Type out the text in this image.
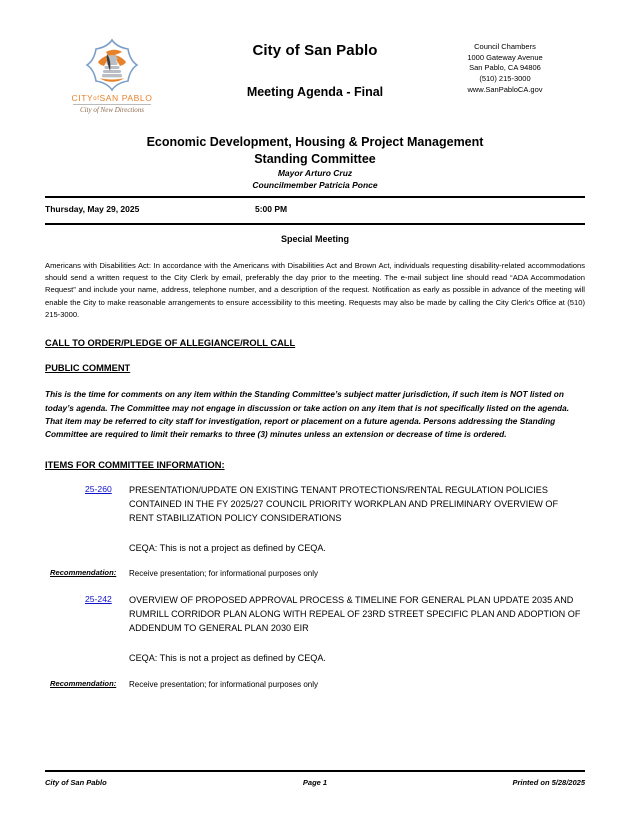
CITYofSAN PABLO
City of New Directions
City of San Pablo
Meeting Agenda - Final
Council Chambers
1000 Gateway Avenue
San Pablo, CA 94806
(510) 215-3000
www.SanPabloCA.gov
Economic Development, Housing & Project Management
Standing Committee
Mayor Arturo Cruz
Councilmember Patricia Ponce
Thursday, May 29, 2025	5:00 PM
Special Meeting
Americans with Disabilities Act: In accordance with the Americans with Disabilities Act and Brown Act, individuals requesting disability-related accommodations should send a written request to the City Clerk by email, preferably the day prior to the meeting. The e-mail subject line should read “ADA Accommodation Request” and include your name, address, telephone number, and a description of the request. Notification as early as possible in advance of the meeting will enable the City to make reasonable arrangements to ensure accessibility to this meeting. Requests may also be made by calling the City Clerk’s Office at (510) 215-3000.
CALL TO ORDER/PLEDGE OF ALLEGIANCE/ROLL CALL
PUBLIC COMMENT
This is the time for comments on any item within the Standing Committee’s subject matter jurisdiction, if such item is NOT listed on today’s agenda. The Committee may not engage in discussion or take action on any item that is not specifically listed on the agenda. That item may be referred to city staff for investigation, report or placement on a future agenda. Persons addressing the Standing Committee are required to limit their remarks to three (3) minutes unless an extension or decrease of time is ordered.
ITEMS FOR COMMITTEE INFORMATION:
25-260	PRESENTATION/UPDATE ON EXISTING TENANT PROTECTIONS/RENTAL REGULATION POLICIES CONTAINED IN THE FY 2025/27 COUNCIL PRIORITY WORKPLAN AND PRELIMINARY OVERVIEW OF RENT STABILIZATION POLICY CONSIDERATIONS
CEQA: This is not a project as defined by CEQA.
Recommendation:	Receive presentation; for informational purposes only
25-242	OVERVIEW OF PROPOSED APPROVAL PROCESS & TIMELINE FOR GENERAL PLAN UPDATE 2035 AND RUMRILL CORRIDOR PLAN ALONG WITH REPEAL OF 23RD STREET SPECIFIC PLAN AND ADOPTION OF ADDENDUM TO GENERAL PLAN 2030 EIR
CEQA: This is not a project as defined by CEQA.
Recommendation:	Receive presentation; for informational purposes only
City of San Pablo	Page 1	Printed on 5/28/2025
